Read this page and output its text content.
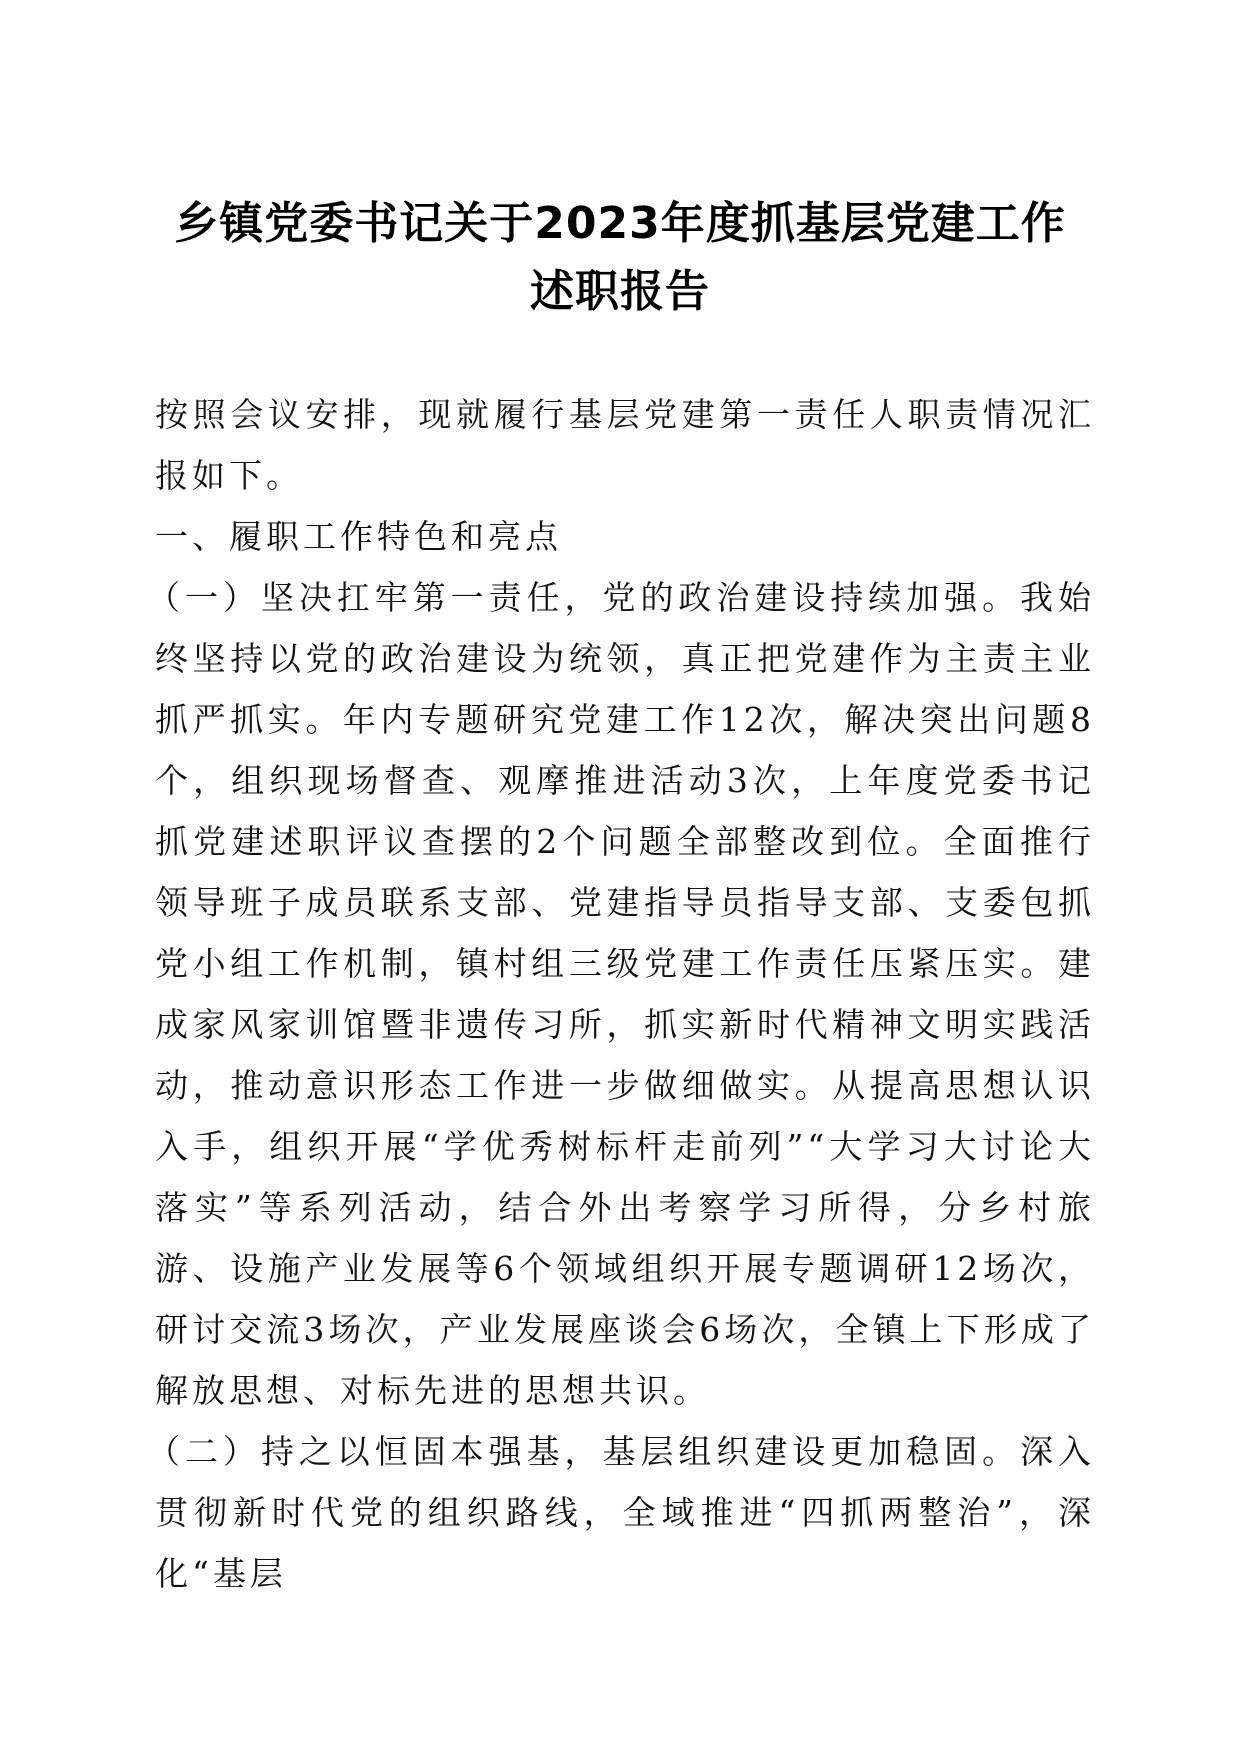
乡镇党委书记关于2023年度抓基层党建工作
述职报告

按照会议安排，现就履行基层党建第一责任人职责情况汇报如下。

一、履职工作特色和亮点

（一）坚决扛牢第一责任，党的政治建设持续加强。我始终坚持以党的政治建设为统领，真正把党建作为主责主业抓严抓实。年内专题研究党建工作12次，解决突出问题8个，组织现场督查、观摩推进活动3次，上年度党委书记抓党建述职评议查摆的2个问题全部整改到位。全面推行领导班子成员联系支部、党建指导员指导支部、支委包抓党小组工作机制，镇村组三级党建工作责任压紧压实。建成家风家训馆暨非遗传习所，抓实新时代精神文明实践活动，推动意识形态工作进一步做细做实。从提高思想认识入手，组织开展“学优秀树标杆走前列”“大学习大讨论大落实”等系列活动，结合外出考察学习所得，分乡村旅游、设施产业发展等6个领域组织开展专题调研12场次，研讨交流3场次，产业发展座谈会6场次，全镇上下形成了解放思想、对标先进的思想共识。

（二）持之以恒固本强基，基层组织建设更加稳固。深入贯彻新时代党的组织路线，全域推进“四抓两整治”，深化“基层
